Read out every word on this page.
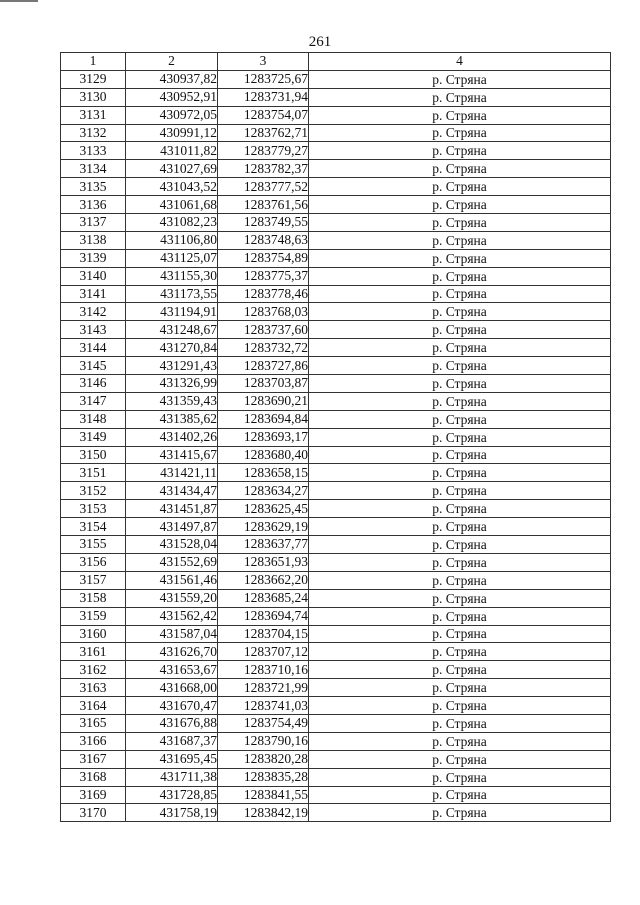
261
1	2	3	4
3129	430937,82	1283725,67	р. Стряна
3130	430952,91	1283731,94	р. Стряна
3131	430972,05	1283754,07	р. Стряна
3132	430991,12	1283762,71	р. Стряна
3133	431011,82	1283779,27	р. Стряна
3134	431027,69	1283782,37	р. Стряна
3135	431043,52	1283777,52	р. Стряна
3136	431061,68	1283761,56	р. Стряна
3137	431082,23	1283749,55	р. Стряна
3138	431106,80	1283748,63	р. Стряна
3139	431125,07	1283754,89	р. Стряна
3140	431155,30	1283775,37	р. Стряна
3141	431173,55	1283778,46	р. Стряна
3142	431194,91	1283768,03	р. Стряна
3143	431248,67	1283737,60	р. Стряна
3144	431270,84	1283732,72	р. Стряна
3145	431291,43	1283727,86	р. Стряна
3146	431326,99	1283703,87	р. Стряна
3147	431359,43	1283690,21	р. Стряна
3148	431385,62	1283694,84	р. Стряна
3149	431402,26	1283693,17	р. Стряна
3150	431415,67	1283680,40	р. Стряна
3151	431421,11	1283658,15	р. Стряна
3152	431434,47	1283634,27	р. Стряна
3153	431451,87	1283625,45	р. Стряна
3154	431497,87	1283629,19	р. Стряна
3155	431528,04	1283637,77	р. Стряна
3156	431552,69	1283651,93	р. Стряна
3157	431561,46	1283662,20	р. Стряна
3158	431559,20	1283685,24	р. Стряна
3159	431562,42	1283694,74	р. Стряна
3160	431587,04	1283704,15	р. Стряна
3161	431626,70	1283707,12	р. Стряна
3162	431653,67	1283710,16	р. Стряна
3163	431668,00	1283721,99	р. Стряна
3164	431670,47	1283741,03	р. Стряна
3165	431676,88	1283754,49	р. Стряна
3166	431687,37	1283790,16	р. Стряна
3167	431695,45	1283820,28	р. Стряна
3168	431711,38	1283835,28	р. Стряна
3169	431728,85	1283841,55	р. Стряна
3170	431758,19	1283842,19	р. Стряна
